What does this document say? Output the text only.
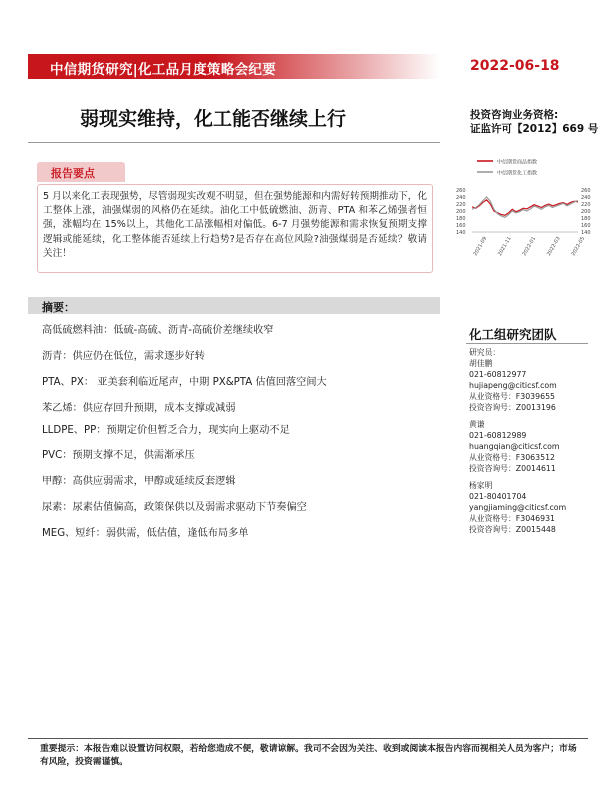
中信期货研究|化工品月度策略会纪要	2022-06-18
弱现实维持，化工能否继续上行	投资咨询业务资格:
证监许可【2012】669 号
报告要点
5 月以来化工表现强势，尽管弱现实改观不明显，但在强势能源和内需好转预期推动下，化工整体上涨，油强煤弱的风格仍在延续。油化工中低硫燃油、沥青、PTA 和苯乙烯强者恒强，涨幅均在 15%以上，其他化工品涨幅相对偏低。6-7 月强势能源和需求恢复预期支撑逻辑或能延续，化工整体能否延续上行趋势?是否存在高位风险?油强煤弱是否延续？敬请关注！
摘要：
高低硫燃料油：低硫-高硫、沥青-高硫价差继续收窄
沥青：供应仍在低位，需求逐步好转
PTA、PX： 亚美套利临近尾声，中期 PX&PTA 估值回落空间大
苯乙烯：供应存回升预期，成本支撑或减弱
LLDPE、PP：预期定价但暂乏合力，现实向上驱动不足
PVC：预期支撑不足，供需渐承压
甲醇：高供应弱需求，甲醇或延续反套逻辑
尿素：尿素估值偏高，政策保供以及弱需求驱动下节奏偏空
MEG、短纤：弱供需，低估值，逢低布局多单
中信期货商品指数
中信期货化工指数
260
240
220
200
180
160
140
260
240
220
200
180
160
140
2021-09 2021-11 2022-01 2022-03 2022-05
化工组研究团队
研究员：
胡佳鹏
021-60812977
hujiapeng@citicsf.com
从业资格号：F3039655
投资咨询号：Z0013196
黄谦
021-60812989
huangqian@citicsf.com
从业资格号：F3063512
投资咨询号：Z0014611
杨家明
021-80401704
yangjiaming@citicsf.com
从业资格号：F3046931
投资咨询号：Z0015448
重要提示：本报告难以设置访问权限，若给您造成不便，敬请谅解。我司不会因为关注、收到或阅读本报告内容而视相关人员为客户；市场有风险，投资需谨慎。
